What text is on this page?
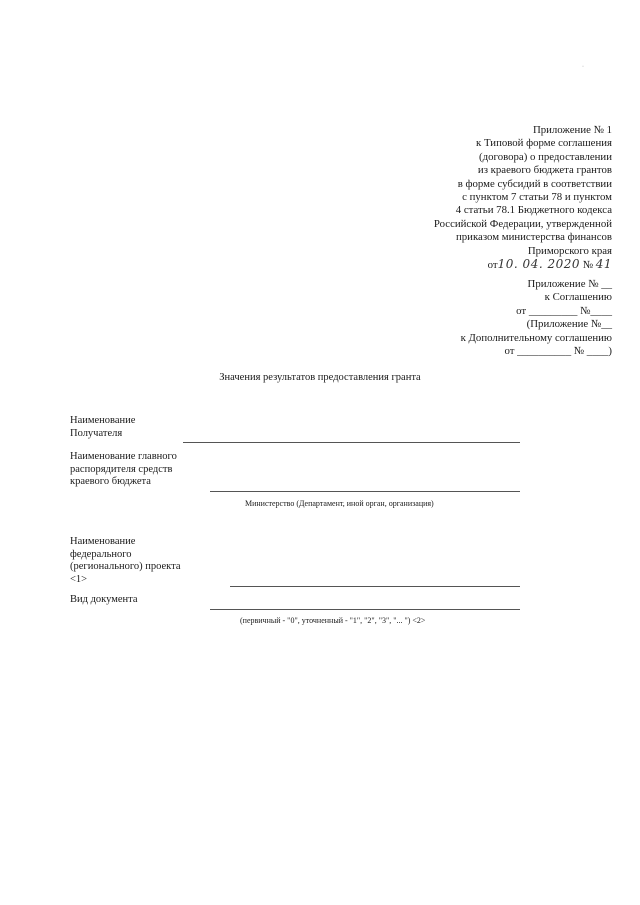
·
Приложение № 1
к Типовой форме соглашения
(договора) о предоставлении
из краевого бюджета грантов
в форме субсидий в соответствии
с пунктом 7 статьи 78 и пунктом
4 статьи 78.1 Бюджетного кодекса
Российской Федерации, утвержденной
приказом министерства финансов
Приморского края
от10. 04. 2020 № 41
Приложение № __
к Соглашению
от _________ №____
(Приложение №__
к Дополнительному соглашению
от __________ № ____)
Значения результатов предоставления гранта
Наименование
Получателя
Наименование главного
распорядителя средств
краевого бюджета
Министерство (Департамент, иной орган, организация)
Наименование
федерального
(регионального) проекта
<1>
Вид документа
(первичный - "0", уточненный - "1", "2", "3", "... ") <2>
